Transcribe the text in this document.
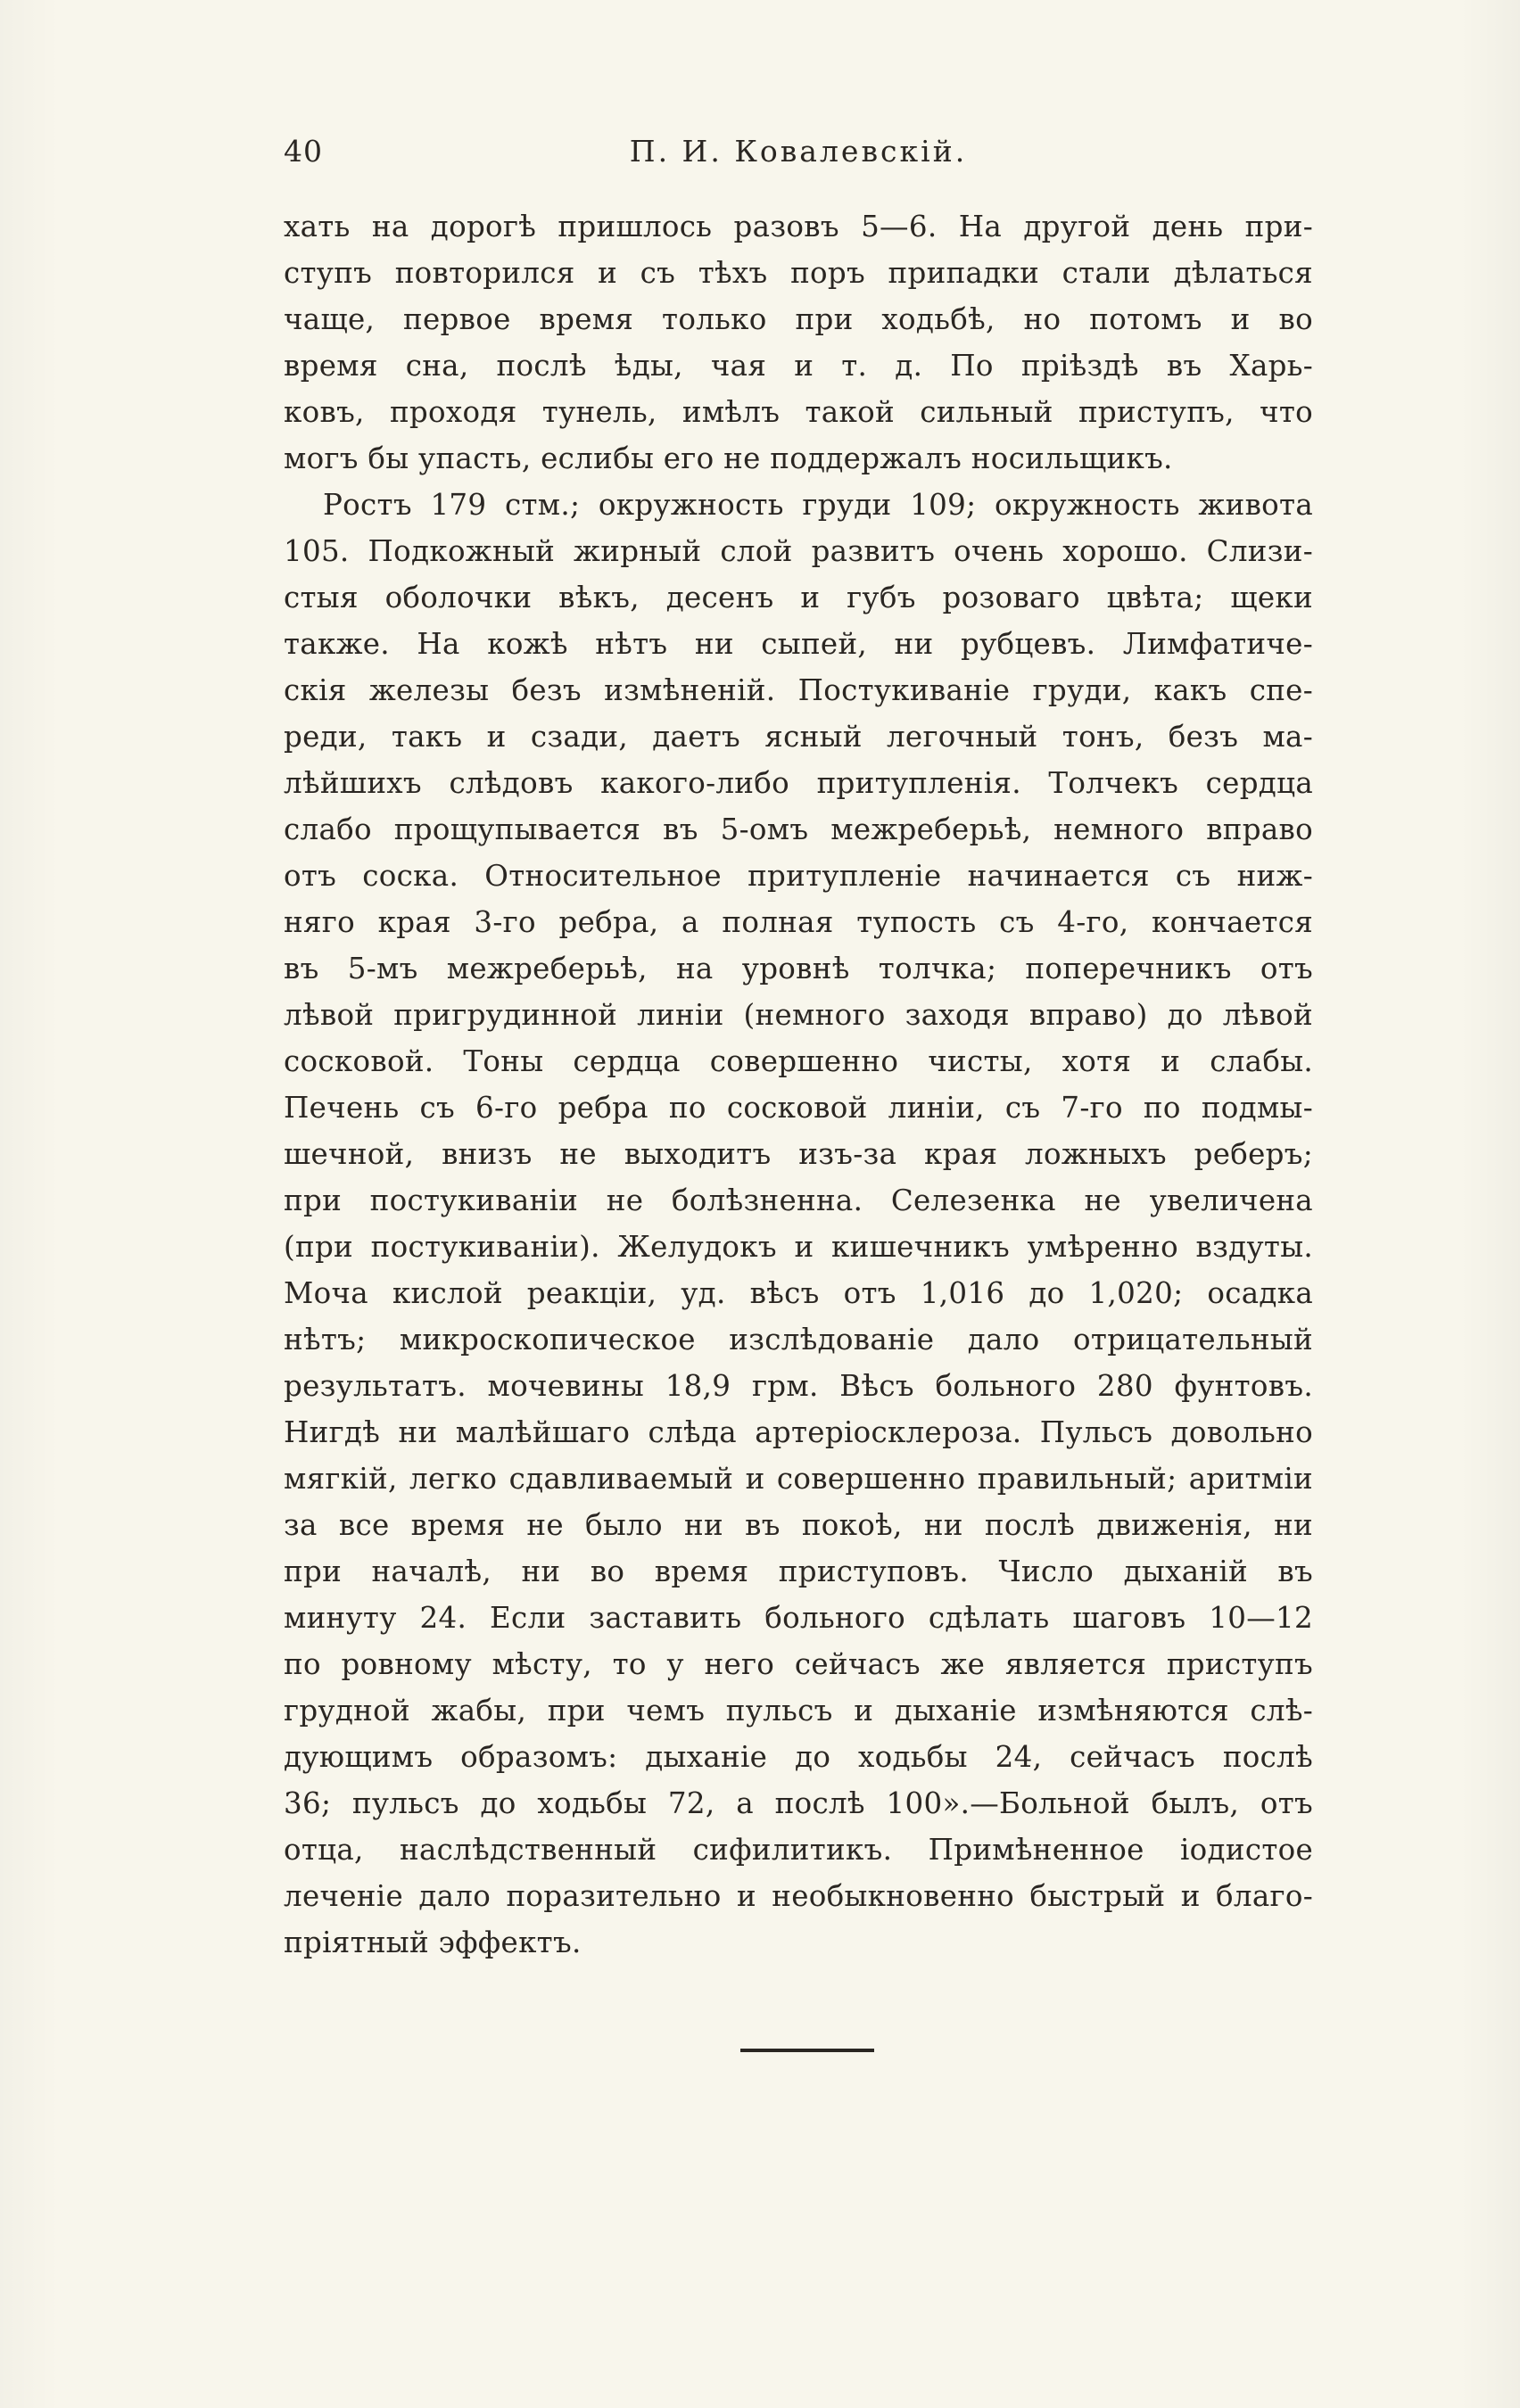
40	П. И. Ковалевскій.

хать на дорогѣ пришлось разовъ 5—6. На другой день при-
ступъ повторился и съ тѣхъ поръ припадки стали дѣлаться
чаще, первое время только при ходьбѣ, но потомъ и во
время сна, послѣ ѣды, чая и т. д. По пріѣздѣ въ Харь-
ковъ, проходя тунель, имѣлъ такой сильный приступъ, что
могъ бы упасть, еслибы его не поддержалъ носильщикъ.

Ростъ 179 стм.; окружность груди 109; окружность живота
105. Подкожный жирный слой развитъ очень хорошо. Слизи-
стыя оболочки вѣкъ, десенъ и губъ розоваго цвѣта; щеки
также. На кожѣ нѣтъ ни сыпей, ни рубцевъ. Лимфатиче-
скія железы безъ измѣненій. Постукиваніе груди, какъ спе-
реди, такъ и сзади, даетъ ясный легочный тонъ, безъ ма-
лѣйшихъ слѣдовъ какого-либо притупленія. Толчекъ сердца
слабо прощупывается въ 5-омъ межреберьѣ, немного вправо
отъ соска. Относительное притупленіе начинается съ ниж-
няго края 3-го ребра, а полная тупость съ 4-го, кончается
въ 5-мъ межреберьѣ, на уровнѣ толчка; поперечникъ отъ
лѣвой пригрудинной линіи (немного заходя вправо) до лѣвой
сосковой. Тоны сердца совершенно чисты, хотя и слабы.
Печень съ 6-го ребра по сосковой линіи, съ 7-го по подмы-
шечной, внизъ не выходитъ изъ-за края ложныхъ реберъ;
при постукиваніи не болѣзненна. Селезенка не увеличена
(при постукиваніи). Желудокъ и кишечникъ умѣренно вздуты.
Моча кислой реакціи, уд. вѣсъ отъ 1,016 до 1,020; осадка
нѣтъ; микроскопическое изслѣдованіе дало отрицательный
результатъ. мочевины 18,9 грм. Вѣсъ больного 280 фунтовъ.
Нигдѣ ни малѣйшаго слѣда артеріосклероза. Пульсъ довольно
мягкій, легко сдавливаемый и совершенно правильный; аритміи
за все время не было ни въ покоѣ, ни послѣ движенія, ни
при началѣ, ни во время приступовъ. Число дыханій въ
минуту 24. Если заставить больного сдѣлать шаговъ 10—12
по ровному мѣсту, то у него сейчасъ же является приступъ
грудной жабы, при чемъ пульсъ и дыханіе измѣняются слѣ-
дующимъ образомъ: дыханіе до ходьбы 24, сейчасъ послѣ
36; пульсъ до ходьбы 72, а послѣ 100».—Больной былъ, отъ
отца, наслѣдственный сифилитикъ. Примѣненное іодистое
леченіе дало поразительно и необыкновенно быстрый и благо-
пріятный эффектъ.
